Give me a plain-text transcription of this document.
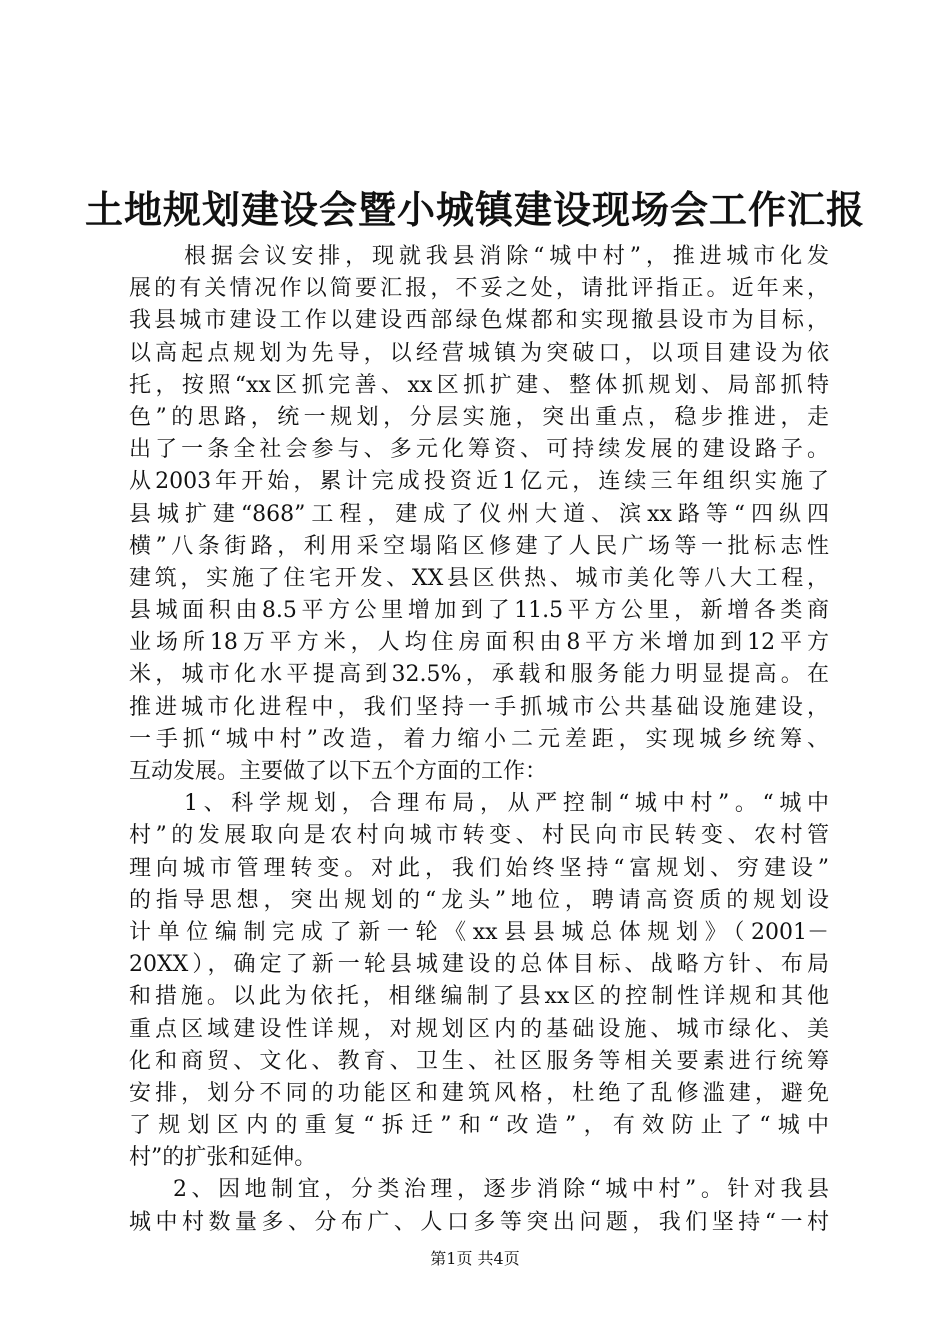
土地规划建设会暨小城镇建设现场会工作汇报
根据会议安排，现就我县消除“城中村”，推进城市化发
展的有关情况作以简要汇报，不妥之处，请批评指正。近年来，
我县城市建设工作以建设西部绿色煤都和实现撤县设市为目标，
以高起点规划为先导，以经营城镇为突破口，以项目建设为依
托，按照“xx区抓完善、xx区抓扩建、整体抓规划、局部抓特
色”的思路，统一规划，分层实施，突出重点，稳步推进，走
出了一条全社会参与、多元化筹资、可持续发展的建设路子。
从2003年开始，累计完成投资近1亿元，连续三年组织实施了
县城扩建“868”工程，建成了仪州大道、滨xx路等“四纵四
横”八条街路，利用采空塌陷区修建了人民广场等一批标志性
建筑，实施了住宅开发、XX县区供热、城市美化等八大工程，
县城面积由8.5平方公里增加到了11.5平方公里，新增各类商
业场所18万平方米，人均住房面积由8平方米增加到12平方
米，城市化水平提高到32.5%，承载和服务能力明显提高。在
推进城市化进程中，我们坚持一手抓城市公共基础设施建设，
一手抓“城中村”改造，着力缩小二元差距，实现城乡统筹、
互动发展。主要做了以下五个方面的工作：
1、科学规划，合理布局，从严控制“城中村”。“城中
村”的发展取向是农村向城市转变、村民向市民转变、农村管
理向城市管理转变。对此，我们始终坚持“富规划、穷建设”
的指导思想，突出规划的“龙头”地位，聘请高资质的规划设
计单位编制完成了新一轮《xx县县城总体规划》（2001－
20XX），确定了新一轮县城建设的总体目标、战略方针、布局
和措施。以此为依托，相继编制了县xx区的控制性详规和其他
重点区域建设性详规，对规划区内的基础设施、城市绿化、美
化和商贸、文化、教育、卫生、社区服务等相关要素进行统筹
安排，划分不同的功能区和建筑风格，杜绝了乱修滥建，避免
了规划区内的重复“拆迁”和“改造”，有效防止了“城中
村”的扩张和延伸。
2、因地制宜，分类治理，逐步消除“城中村”。针对我县
城中村数量多、分布广、人口多等突出问题，我们坚持“一村
第1页 共4页
